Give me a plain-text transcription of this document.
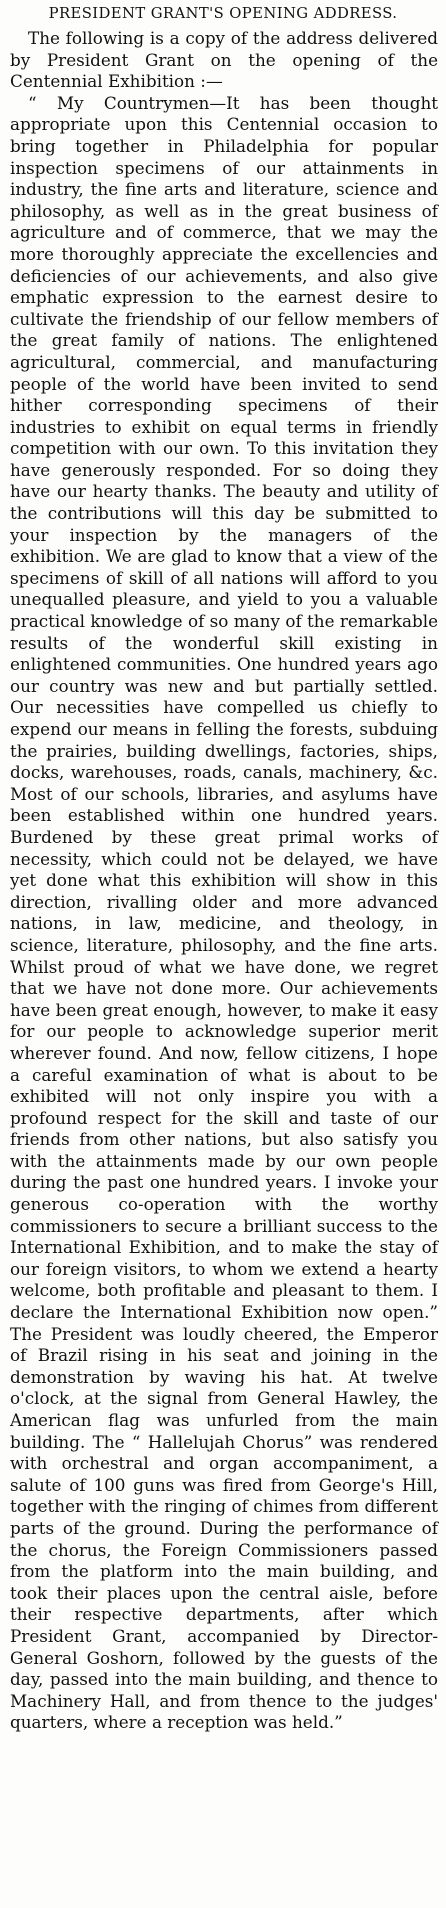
PRESIDENT GRANT'S OPENING ADDRESS.

The following is a copy of the address delivered by President Grant on the opening of the Centennial Exhibition :—

“ My Countrymen—It has been thought appropriate upon this Centennial occasion to bring together in Philadelphia for popular inspection specimens of our attainments in industry, the fine arts and literature, science and philosophy, as well as in the great business of agriculture and of commerce, that we may the more thoroughly appreciate the excellencies and deficiencies of our achievements, and also give emphatic expression to the earnest desire to cultivate the friendship of our fellow members of the great family of nations. The enlightened agricultural, commercial, and manufacturing people of the world have been invited to send hither corresponding specimens of their industries to exhibit on equal terms in friendly competition with our own. To this invitation they have generously responded. For so doing they have our hearty thanks. The beauty and utility of the contributions will this day be submitted to your inspection by the managers of the exhibition. We are glad to know that a view of the specimens of skill of all nations will afford to you unequalled pleasure, and yield to you a valuable practical knowledge of so many of the remarkable results of the wonderful skill existing in enlightened communities. One hundred years ago our country was new and but partially settled. Our necessities have compelled us chiefly to expend our means in felling the forests, subduing the prairies, building dwellings, factories, ships, docks, warehouses, roads, canals, machinery, &c. Most of our schools, libraries, and asylums have been established within one hundred years. Burdened by these great primal works of necessity, which could not be delayed, we have yet done what this exhibition will show in this direction, rivalling older and more advanced nations, in law, medicine, and theology, in science, literature, philosophy, and the fine arts. Whilst proud of what we have done, we regret that we have not done more. Our achievements have been great enough, however, to make it easy for our people to acknowledge superior merit wherever found. And now, fellow citizens, I hope a careful examination of what is about to be exhibited will not only inspire you with a profound respect for the skill and taste of our friends from other nations, but also satisfy you with the attainments made by our own people during the past one hundred years. I invoke your generous co-operation with the worthy commissioners to secure a brilliant success to the International Exhibition, and to make the stay of our foreign visitors, to whom we extend a hearty welcome, both profitable and pleasant to them. I declare the International Exhibition now open.” The President was loudly cheered, the Emperor of Brazil rising in his seat and joining in the demonstration by waving his hat. At twelve o'clock, at the signal from General Hawley, the American flag was unfurled from the main building. The “ Hallelujah Chorus” was rendered with orchestral and organ accompaniment, a salute of 100 guns was fired from George's Hill, together with the ringing of chimes from different parts of the ground. During the performance of the chorus, the Foreign Commissioners passed from the platform into the main building, and took their places upon the central aisle, before their respective departments, after which President Grant, accompanied by Director-General Goshorn, followed by the guests of the day, passed into the main building, and thence to Machinery Hall, and from thence to the judges' quarters, where a reception was held.”
